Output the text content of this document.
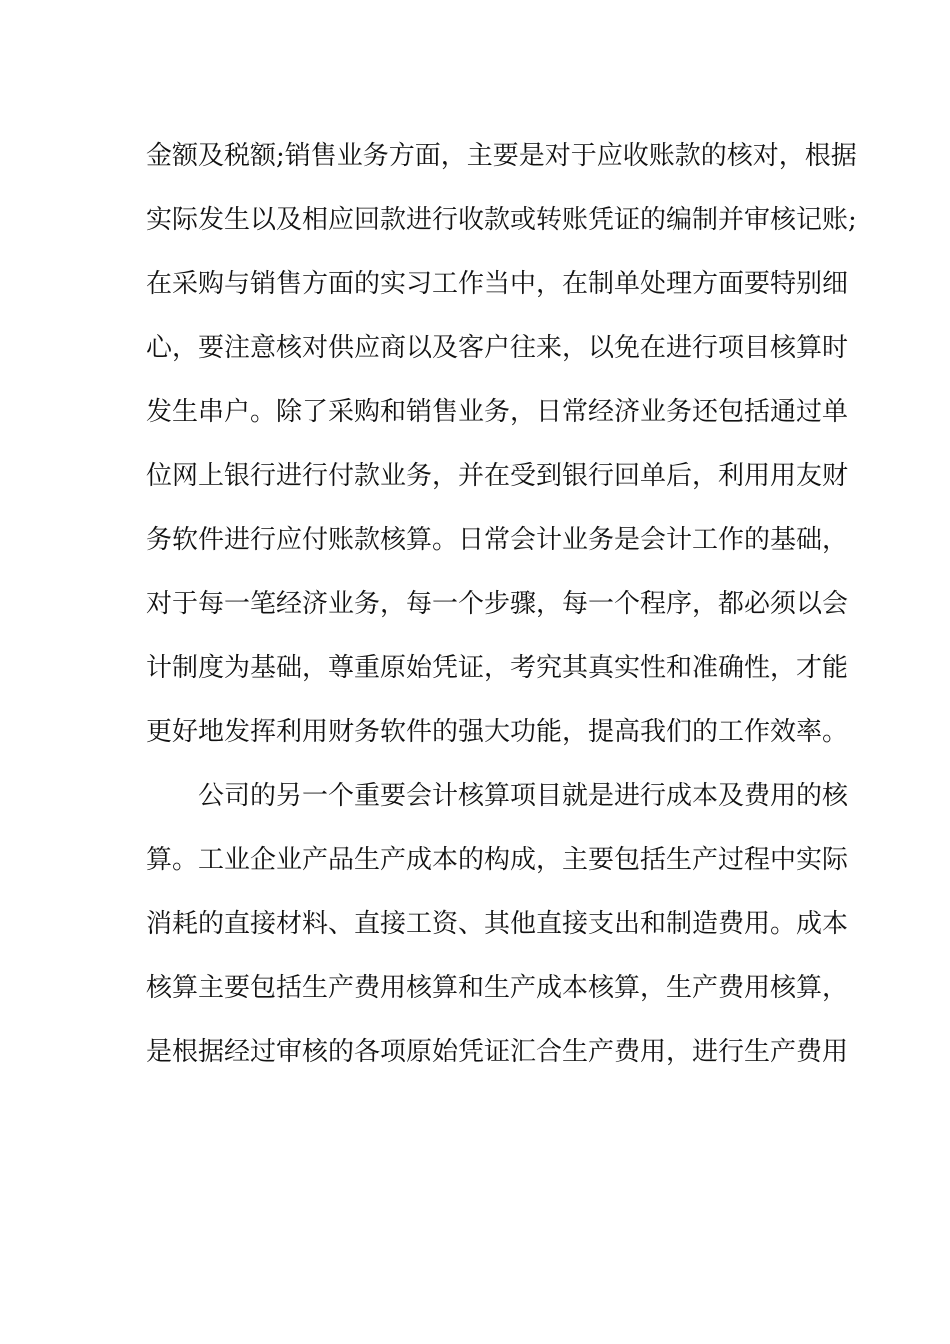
金额及税额;销售业务方面，主要是对于应收账款的核对，根据
实际发生以及相应回款进行收款或转账凭证的编制并审核记账;
在采购与销售方面的实习工作当中，在制单处理方面要特别细
心，要注意核对供应商以及客户往来，以免在进行项目核算时
发生串户。除了采购和销售业务，日常经济业务还包括通过单
位网上银行进行付款业务，并在受到银行回单后，利用用友财
务软件进行应付账款核算。日常会计业务是会计工作的基础，
对于每一笔经济业务，每一个步骤，每一个程序，都必须以会
计制度为基础，尊重原始凭证，考究其真实性和准确性，才能
更好地发挥利用财务软件的强大功能，提高我们的工作效率。
公司的另一个重要会计核算项目就是进行成本及费用的核
算。工业企业产品生产成本的构成，主要包括生产过程中实际
消耗的直接材料、直接工资、其他直接支出和制造费用。成本
核算主要包括生产费用核算和生产成本核算，生产费用核算，
是根据经过审核的各项原始凭证汇合生产费用，进行生产费用
